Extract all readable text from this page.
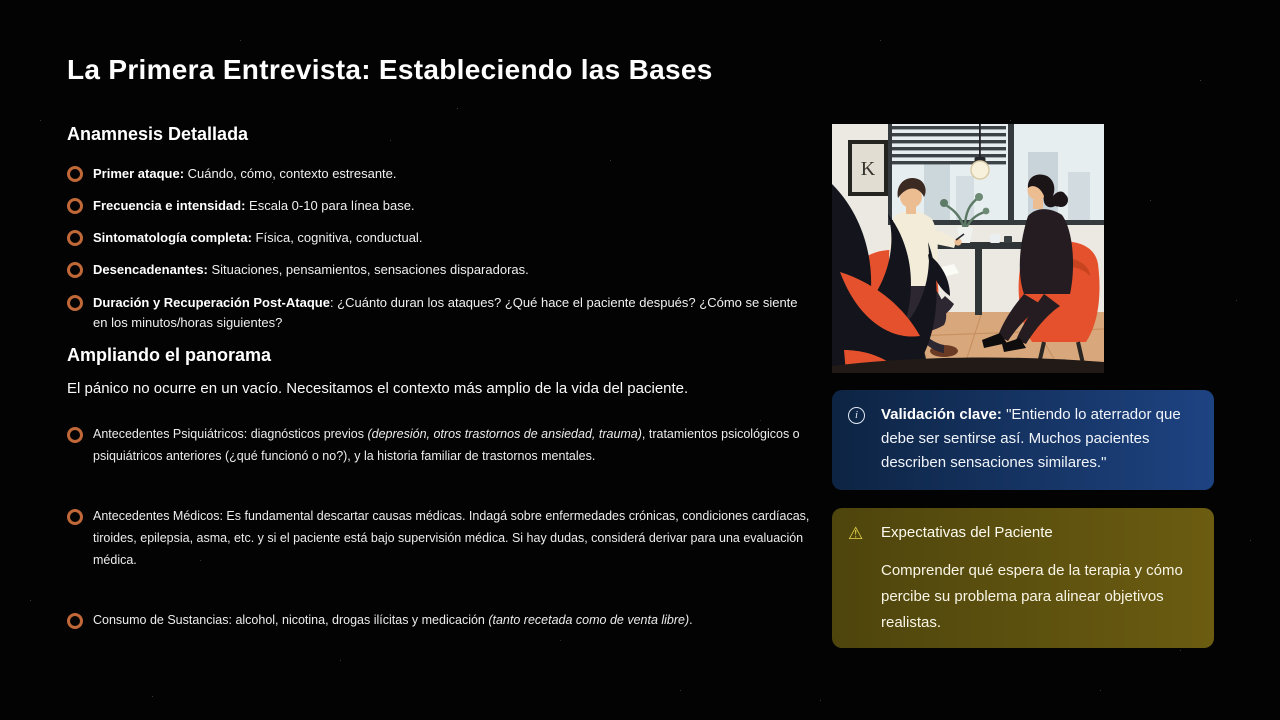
La Primera Entrevista: Estableciendo las Bases
Anamnesis Detallada
Primer ataque: Cuándo, cómo, contexto estresante.
Frecuencia e intensidad: Escala 0-10 para línea base.
Sintomatología completa: Física, cognitiva, conductual.
Desencadenantes: Situaciones, pensamientos, sensaciones disparadoras.
Duración y Recuperación Post-Ataque: ¿Cuánto duran los ataques? ¿Qué hace el paciente después? ¿Cómo se siente en los minutos/horas siguientes?
Ampliando el panorama

El pánico no ocurre en un vacío. Necesitamos el contexto más amplio de la vida del paciente.

Antecedentes Psiquiátricos: diagnósticos previos (depresión, otros trastornos de ansiedad, trauma), tratamientos psicológicos o psiquiátricos anteriores (¿qué funcionó o no?), y la historia familiar de trastornos mentales.
Antecedentes Médicos: Es fundamental descartar causas médicas. Indagá sobre enfermedades crónicas, condiciones cardíacas, tiroides, epilepsia, asma, etc. y si el paciente está bajo supervisión médica. Si hay dudas, considerá derivar para una evaluación médica.
Consumo de Sustancias: alcohol, nicotina, drogas ilícitas y medicación (tanto recetada como de venta libre).
K
i	Validación clave: "Entiendo lo aterrador que debe ser sentirse así. Muchos pacientes describen sensaciones similares."
⚠	Expectativas del Paciente

Comprender qué espera de la terapia y cómo percibe su problema para alinear objetivos realistas.
